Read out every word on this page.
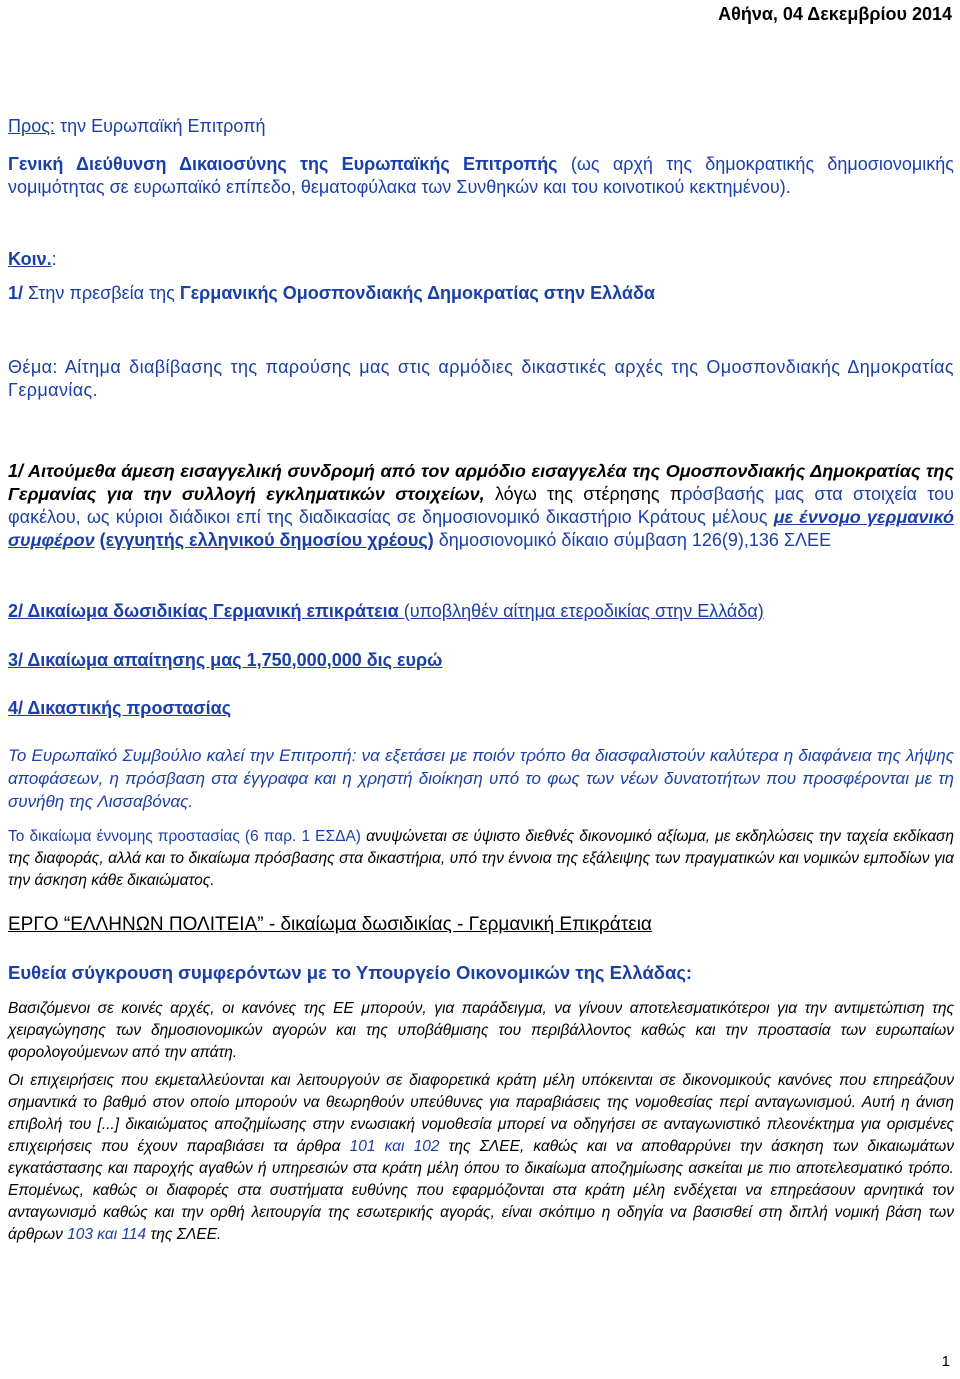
Αθήνα, 04 Δεκεμβρίου 2014
Προς: την Ευρωπαϊκή Επιτροπή
Γενική Διεύθυνση Δικαιοσύνης της Ευρωπαϊκής Επιτροπής (ως αρχή της δημοκρατικής δημοσιονομικής νομιμότητας σε ευρωπαϊκό επίπεδο, θεματοφύλακα των Συνθηκών και του κοινοτικού κεκτημένου).
Κοιν.:
1/ Στην πρεσβεία της Γερμανικής Ομοσπονδιακής Δημοκρατίας στην Ελλάδα
Θέμα: Αίτημα διαβίβασης της παρούσης μας στις αρμόδιες δικαστικές αρχές της Ομοσπονδιακής Δημοκρατίας Γερμανίας.
1/ Αιτούμεθα άμεση εισαγγελική συνδρομή από τον αρμόδιο εισαγγελέα της Ομοσπονδιακής Δημοκρατίας της Γερμανίας για την συλλογή εγκληματικών στοιχείων, λόγω της στέρησης πρόσβασής μας στα στοιχεία του φακέλου, ως κύριοι διάδικοι επί της διαδικασίας σε δημοσιονομικό δικαστήριο Κράτους μέλους με έννομο γερμανικό συμφέρον (εγγυητής ελληνικού δημοσίου χρέους) δημοσιονομικό δίκαιο σύμβαση 126(9),136 ΣΛΕΕ
2/ Δικαίωμα δωσιδικίας Γερμανική επικράτεια (υποβληθέν αίτημα ετεροδικίας στην Ελλάδα)
3/ Δικαίωμα απαίτησης μας 1,750,000,000 δις ευρώ
4/ Δικαστικής προστασίας
Το Ευρωπαϊκό Συμβούλιο καλεί την Επιτροπή: να εξετάσει με ποιόν τρόπο θα διασφαλιστούν καλύτερα η διαφάνεια της λήψης αποφάσεων, η πρόσβαση στα έγγραφα και η χρηστή διοίκηση υπό το φως των νέων δυνατοτήτων που προσφέρονται με τη συνήθη της Λισσαβόνας.
Το δικαίωμα έννομης προστασίας (6 παρ. 1 ΕΣΔΑ) ανυψώνεται σε ύψιστο διεθνές δικονομικό αξίωμα, με εκδηλώσεις την ταχεία εκδίκαση της διαφοράς, αλλά και το δικαίωμα πρόσβασης στα δικαστήρια, υπό την έννοια της εξάλειψης των πραγματικών και νομικών εμποδίων για την άσκηση κάθε δικαιώματος.
ΕΡΓΟ “ΕΛΛΗΝΩΝ ΠΟΛΙΤΕΙΑ” - δικαίωμα δωσιδικίας - Γερμανική Επικράτεια
Ευθεία σύγκρουση συμφερόντων με το Υπουργείο Οικονομικών της Ελλάδας:
Βασιζόμενοι σε κοινές αρχές, οι κανόνες της ΕΕ μπορούν, για παράδειγμα, να γίνουν αποτελεσματικότεροι για την αντιμετώπιση της χειραγώγησης των δημοσιονομικών αγορών και της υποβάθμισης του περιβάλλοντος καθώς και την προστασία των ευρωπαίων φορολογούμενων από την απάτη.
Οι επιχειρήσεις που εκμεταλλεύονται και λειτουργούν σε διαφορετικά κράτη μέλη υπόκεινται σε δικονομικούς κανόνες που επηρεάζουν σημαντικά το βαθμό στον οποίο μπορούν να θεωρηθούν υπεύθυνες για παραβιάσεις της νομοθεσίας περί ανταγωνισμού. Αυτή η άνιση επιβολή του [...] δικαιώματος αποζημίωσης στην ενωσιακή νομοθεσία μπορεί να οδηγήσει σε ανταγωνιστικό πλεονέκτημα για ορισμένες επιχειρήσεις που έχουν παραβιάσει τα άρθρα 101 και 102 της ΣΛΕΕ, καθώς και να αποθαρρύνει την άσκηση των δικαιωμάτων εγκατάστασης και παροχής αγαθών ή υπηρεσιών στα κράτη μέλη όπου το δικαίωμα αποζημίωσης ασκείται με πιο αποτελεσματικό τρόπο. Επομένως, καθώς οι διαφορές στα συστήματα ευθύνης που εφαρμόζονται στα κράτη μέλη ενδέχεται να επηρεάσουν αρνητικά τον ανταγωνισμό καθώς και την ορθή λειτουργία της εσωτερικής αγοράς, είναι σκόπιμο η οδηγία να βασισθεί στη διπλή νομική βάση των άρθρων 103 και 114 της ΣΛΕΕ.
1
